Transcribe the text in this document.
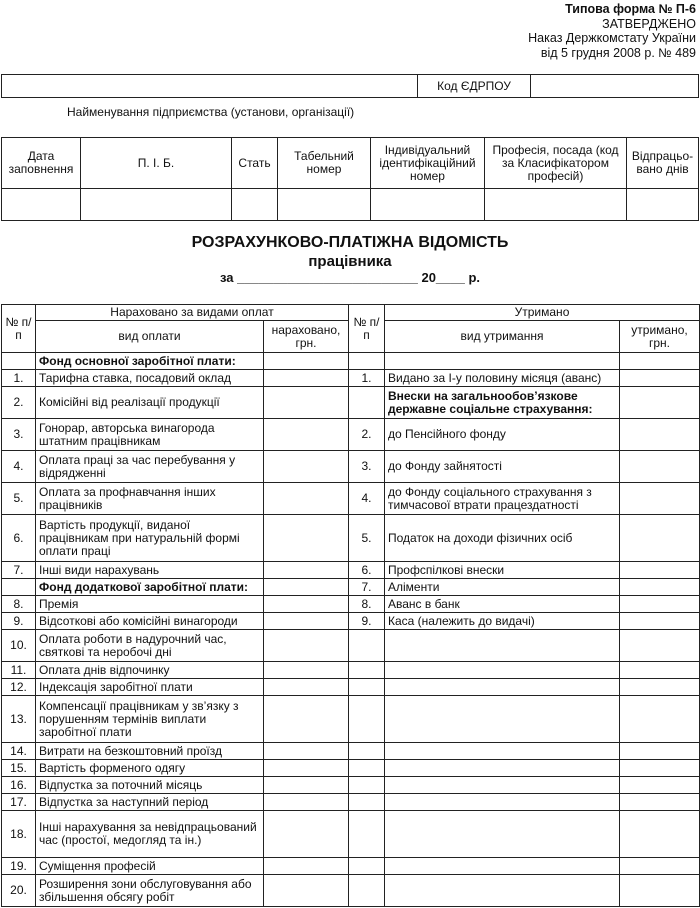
Типова форма № П-6
ЗАТВЕРДЖЕНО
Наказ Держкомстату України
від 5 грудня 2008 р. № 489
	Код ЄДРПОУ	
Найменування підприємства (установи, організації)
Дата заповнення	П. І. Б.	Стать	Табельний номер	Індивідуальний ідентифікаційний номер	Професія, посада (код за Класифікатором професій)	Відпрацьо-вано днів

РОЗРАХУНКОВО-ПЛАТІЖНА ВІДОМІСТЬ
працівника
за _________________________ 20____ р.
№ п/п	Нараховано за видами оплат		№ п/п	Утримано	
	вид оплати	нараховано, грн.		вид утримання	утримано, грн.
	Фонд основної заробітної плати:				
1.	Тарифна ставка, посадовий оклад		1.	Видано за І-у половину місяця (аванс)	
2.	Комісійні від реалізації продукції			Внески на загальнообов’язкове державне соціальне страхування:	
3.	Гонорар, авторська винагорода штатним працівникам		2.	до Пенсійного фонду	
4.	Оплата праці за час перебування у відрядженні		3.	до Фонду зайнятості	
5.	Оплата за профнавчання інших працівників		4.	до Фонду соціального страхування з тимчасової втрати працездатності	
6.	Вартість продукції, виданої працівникам при натуральній формі оплати праці		5.	Податок на доходи фізичних осіб	
7.	Інші види нарахувань		6.	Профспілкові внески	
	Фонд додаткової заробітної плати:		7.	Аліменти	
8.	Премія		8.	Аванс в банк	
9.	Відсоткові або комісійні винагороди		9.	Каса (належить до видачі)	
10.	Оплата роботи в надурочний час, святкові та неробочі дні				
11.	Оплата днів відпочинку				
12.	Індексація заробітної плати				
13.	Компенсації працівникам у зв’язку з порушенням термінів виплати заробітної плати				
14.	Витрати на безкоштовний проїзд				
15.	Вартість форменого одягу				
16.	Відпустка за поточний місяць				
17.	Відпустка за наступний період				
18.	Інші нарахування за невідпрацьований час (простої, медогляд та ін.)				
19.	Суміщення професій				
20.	Розширення зони обслуговування або збільшення обсягу робіт				
